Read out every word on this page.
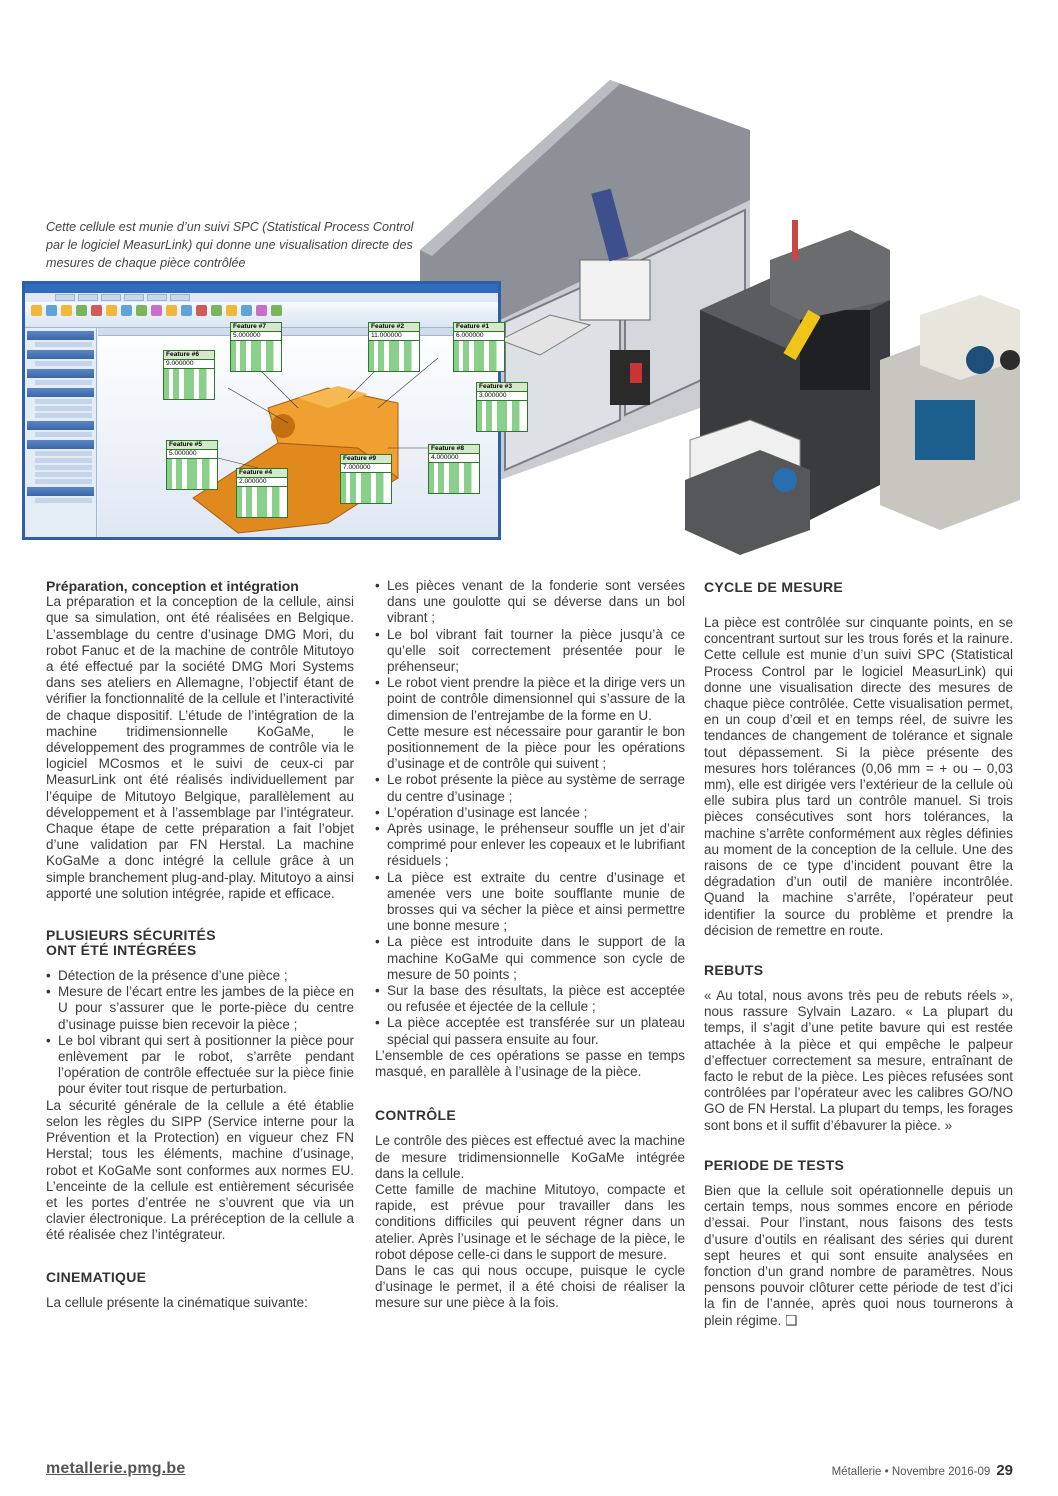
Cette cellule est munie d’un suivi SPC (Statistical Process Control par le logiciel MeasurLink) qui donne une visualisation directe des mesures de chaque pièce contrôlée

Feature #7
5.000000
Feature #2
11.000000
Feature #1
6.000000
Feature #6
9.000000
Feature #3
3.000000
Feature #5
5.000000
Feature #8
4.000000
Feature #9
7.000000
Feature #4
2.000000
Préparation, conception et intégration

La préparation et la conception de la cellule, ainsi que sa simulation, ont été réalisées en Belgique. L’assemblage du centre d’usinage DMG Mori, du robot Fanuc et de la machine de contrôle Mitutoyo a été effectué par la société DMG Mori Systems dans ses ateliers en Allemagne, l’objectif étant de vérifier la fonctionnalité de la cellule et l’interactivité de chaque dispositif. L’étude de l’intégration de la machine tridimensionnelle KoGaMe, le développement des programmes de contrôle via le logiciel MCosmos et le suivi de ceux-ci par MeasurLink ont été réalisés individuellement par l’équipe de Mitutoyo Belgique, parallèlement au développement et à l’assemblage par l’intégrateur. Chaque étape de cette préparation a fait l’objet d’une validation par FN Herstal. La machine KoGaMe a donc intégré la cellule grâce à un simple branchement plug-and-play. Mitutoyo a ainsi apporté une solution intégrée, rapide et efficace.

PLUSIEURS SÉCURITÉS
ONT ÉTÉ INTÉGRÉES
• Détection de la présence d’une pièce ;
• Mesure de l’écart entre les jambes de la pièce en U pour s’assurer que le porte-pièce du centre d’usinage puisse bien recevoir la pièce ;
• Le bol vibrant qui sert à positionner la pièce pour enlèvement par le robot, s’arrête pendant l’opération de contrôle effectuée sur la pièce finie pour éviter tout risque de perturbation.

La sécurité générale de la cellule a été établie selon les règles du SIPP (Service interne pour la Prévention et la Protection) en vigueur chez FN Herstal; tous les éléments, machine d’usinage, robot et KoGaMe sont conformes aux normes EU. L’enceinte de la cellule est entièrement sécurisée et les portes d’entrée ne s’ouvrent que via un clavier électronique. La préréception de la cellule a été réalisée chez l’intégrateur.

CINEMATIQUE

La cellule présente la cinématique suivante:

• Les pièces venant de la fonderie sont versées dans une goulotte qui se déverse dans un bol vibrant ;
• Le bol vibrant fait tourner la pièce jusqu’à ce qu’elle soit correctement présentée pour le préhenseur;
• Le robot vient prendre la pièce et la dirige vers un point de contrôle dimensionnel qui s’assure de la dimension de l’entrejambe de la forme en U.

Cette mesure est nécessaire pour garantir le bon positionnement de la pièce pour les opérations d’usinage et de contrôle qui suivent ;

• Le robot présente la pièce au système de serrage du centre d’usinage ;
• L’opération d’usinage est lancée ;
• Après usinage, le préhenseur souffle un jet d’air comprimé pour enlever les copeaux et le lubrifiant résiduels ;
• La pièce est extraite du centre d’usinage et amenée vers une boite soufflante munie de brosses qui va sécher la pièce et ainsi permettre une bonne mesure ;
• La pièce est introduite dans le support de la machine KoGaMe qui commence son cycle de mesure de 50 points ;
• Sur la base des résultats, la pièce est acceptée ou refusée et éjectée de la cellule ;
• La pièce acceptée est transférée sur un plateau spécial qui passera ensuite au four.

L’ensemble de ces opérations se passe en temps masqué, en parallèle à l’usinage de la pièce.

CONTRÔLE

Le contrôle des pièces est effectué avec la machine de mesure tridimensionnelle KoGaMe intégrée dans la cellule.

Cette famille de machine Mitutoyo, compacte et rapide, est prévue pour travailler dans les conditions difficiles qui peuvent régner dans un atelier. Après l’usinage et le séchage de la pièce, le robot dépose celle-ci dans le support de mesure.

Dans le cas qui nous occupe, puisque le cycle d’usinage le permet, il a été choisi de réaliser la mesure sur une pièce à la fois.

CYCLE DE MESURE

La pièce est contrôlée sur cinquante points, en se concentrant surtout sur les trous forés et la rainure. Cette cellule est munie d’un suivi SPC (Statistical Process Control par le logiciel MeasurLink) qui donne une visualisation directe des mesures de chaque pièce contrôlée. Cette visualisation permet, en un coup d’œil et en temps réel, de suivre les tendances de changement de tolérance et signale tout dépassement. Si la pièce présente des mesures hors tolérances (0,06 mm = + ou – 0,03 mm), elle est dirigée vers l’extérieur de la cellule où elle subira plus tard un contrôle manuel. Si trois pièces consécutives sont hors tolérances, la machine s’arrête conformément aux règles définies au moment de la conception de la cellule. Une des raisons de ce type d’incident pouvant être la dégradation d’un outil de manière incontrôlée. Quand la machine s’arrête, l’opérateur peut identifier la source du problème et prendre la décision de remettre en route.

REBUTS

« Au total, nous avons très peu de rebuts réels », nous rassure Sylvain Lazaro. « La plupart du temps, il s’agit d’une petite bavure qui est restée attachée à la pièce et qui empêche le palpeur d’effectuer correctement sa mesure, entraînant de facto le rebut de la pièce. Les pièces refusées sont contrôlées par l’opérateur avec les calibres GO/NO GO de FN Herstal. La plupart du temps, les forages sont bons et il suffit d’ébavurer la pièce. »

PERIODE DE TESTS

Bien que la cellule soit opérationnelle depuis un certain temps, nous sommes encore en période d’essai. Pour l’instant, nous faisons des tests d’usure d’outils en réalisant des séries qui durent sept heures et qui sont ensuite analysées en fonction d’un grand nombre de paramètres. Nous pensons pouvoir clôturer cette période de test d’ici la fin de l’année, après quoi nous tournerons à plein régime. ❑

metallerie.pmg.be	Métallerie • Novembre 2016-09 29
